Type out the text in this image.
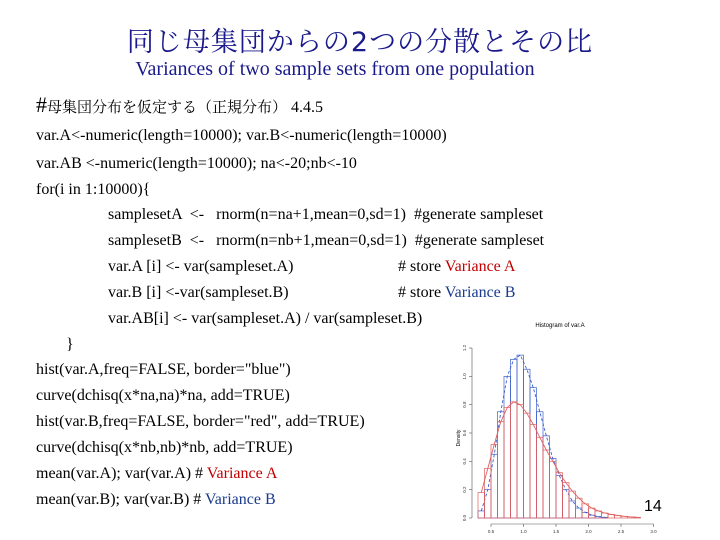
同じ母集団からの2つの分散とその比
Variances of two sample sets from one population
#母集団分布を仮定する（正規分布） 4.4.5
var.A<-numeric(length=10000); var.B<-numeric(length=10000)
var.AB <-numeric(length=10000); na<-20;nb<-10
for(i in 1:10000){
samplesetA  <-   rnorm(n=na+1,mean=0,sd=1)  #generate sampleset
samplesetB  <-   rnorm(n=nb+1,mean=0,sd=1)  #generate sampleset
var.A [i] <- var(sampleset.A)	# store Variance A
var.B [i] <-var(sampleset.B)	# store Variance B
var.AB[i] <- var(sampleset.A) / var(sampleset.B)
}
hist(var.A,freq=FALSE, border="blue")
curve(dchisq(x*na,na)*na, add=TRUE)
hist(var.B,freq=FALSE, border="red", add=TRUE)
curve(dchisq(x*nb,nb)*nb, add=TRUE)
mean(var.A); var(var.A) # Variance A
mean(var.B); var(var.B) # Variance B
Histogram of var.A
Density
0.0
0.2
0.4
0.6
0.8
1.0
1.2
0.5	1.0	1.5	2.0	2.5	3.0
14
